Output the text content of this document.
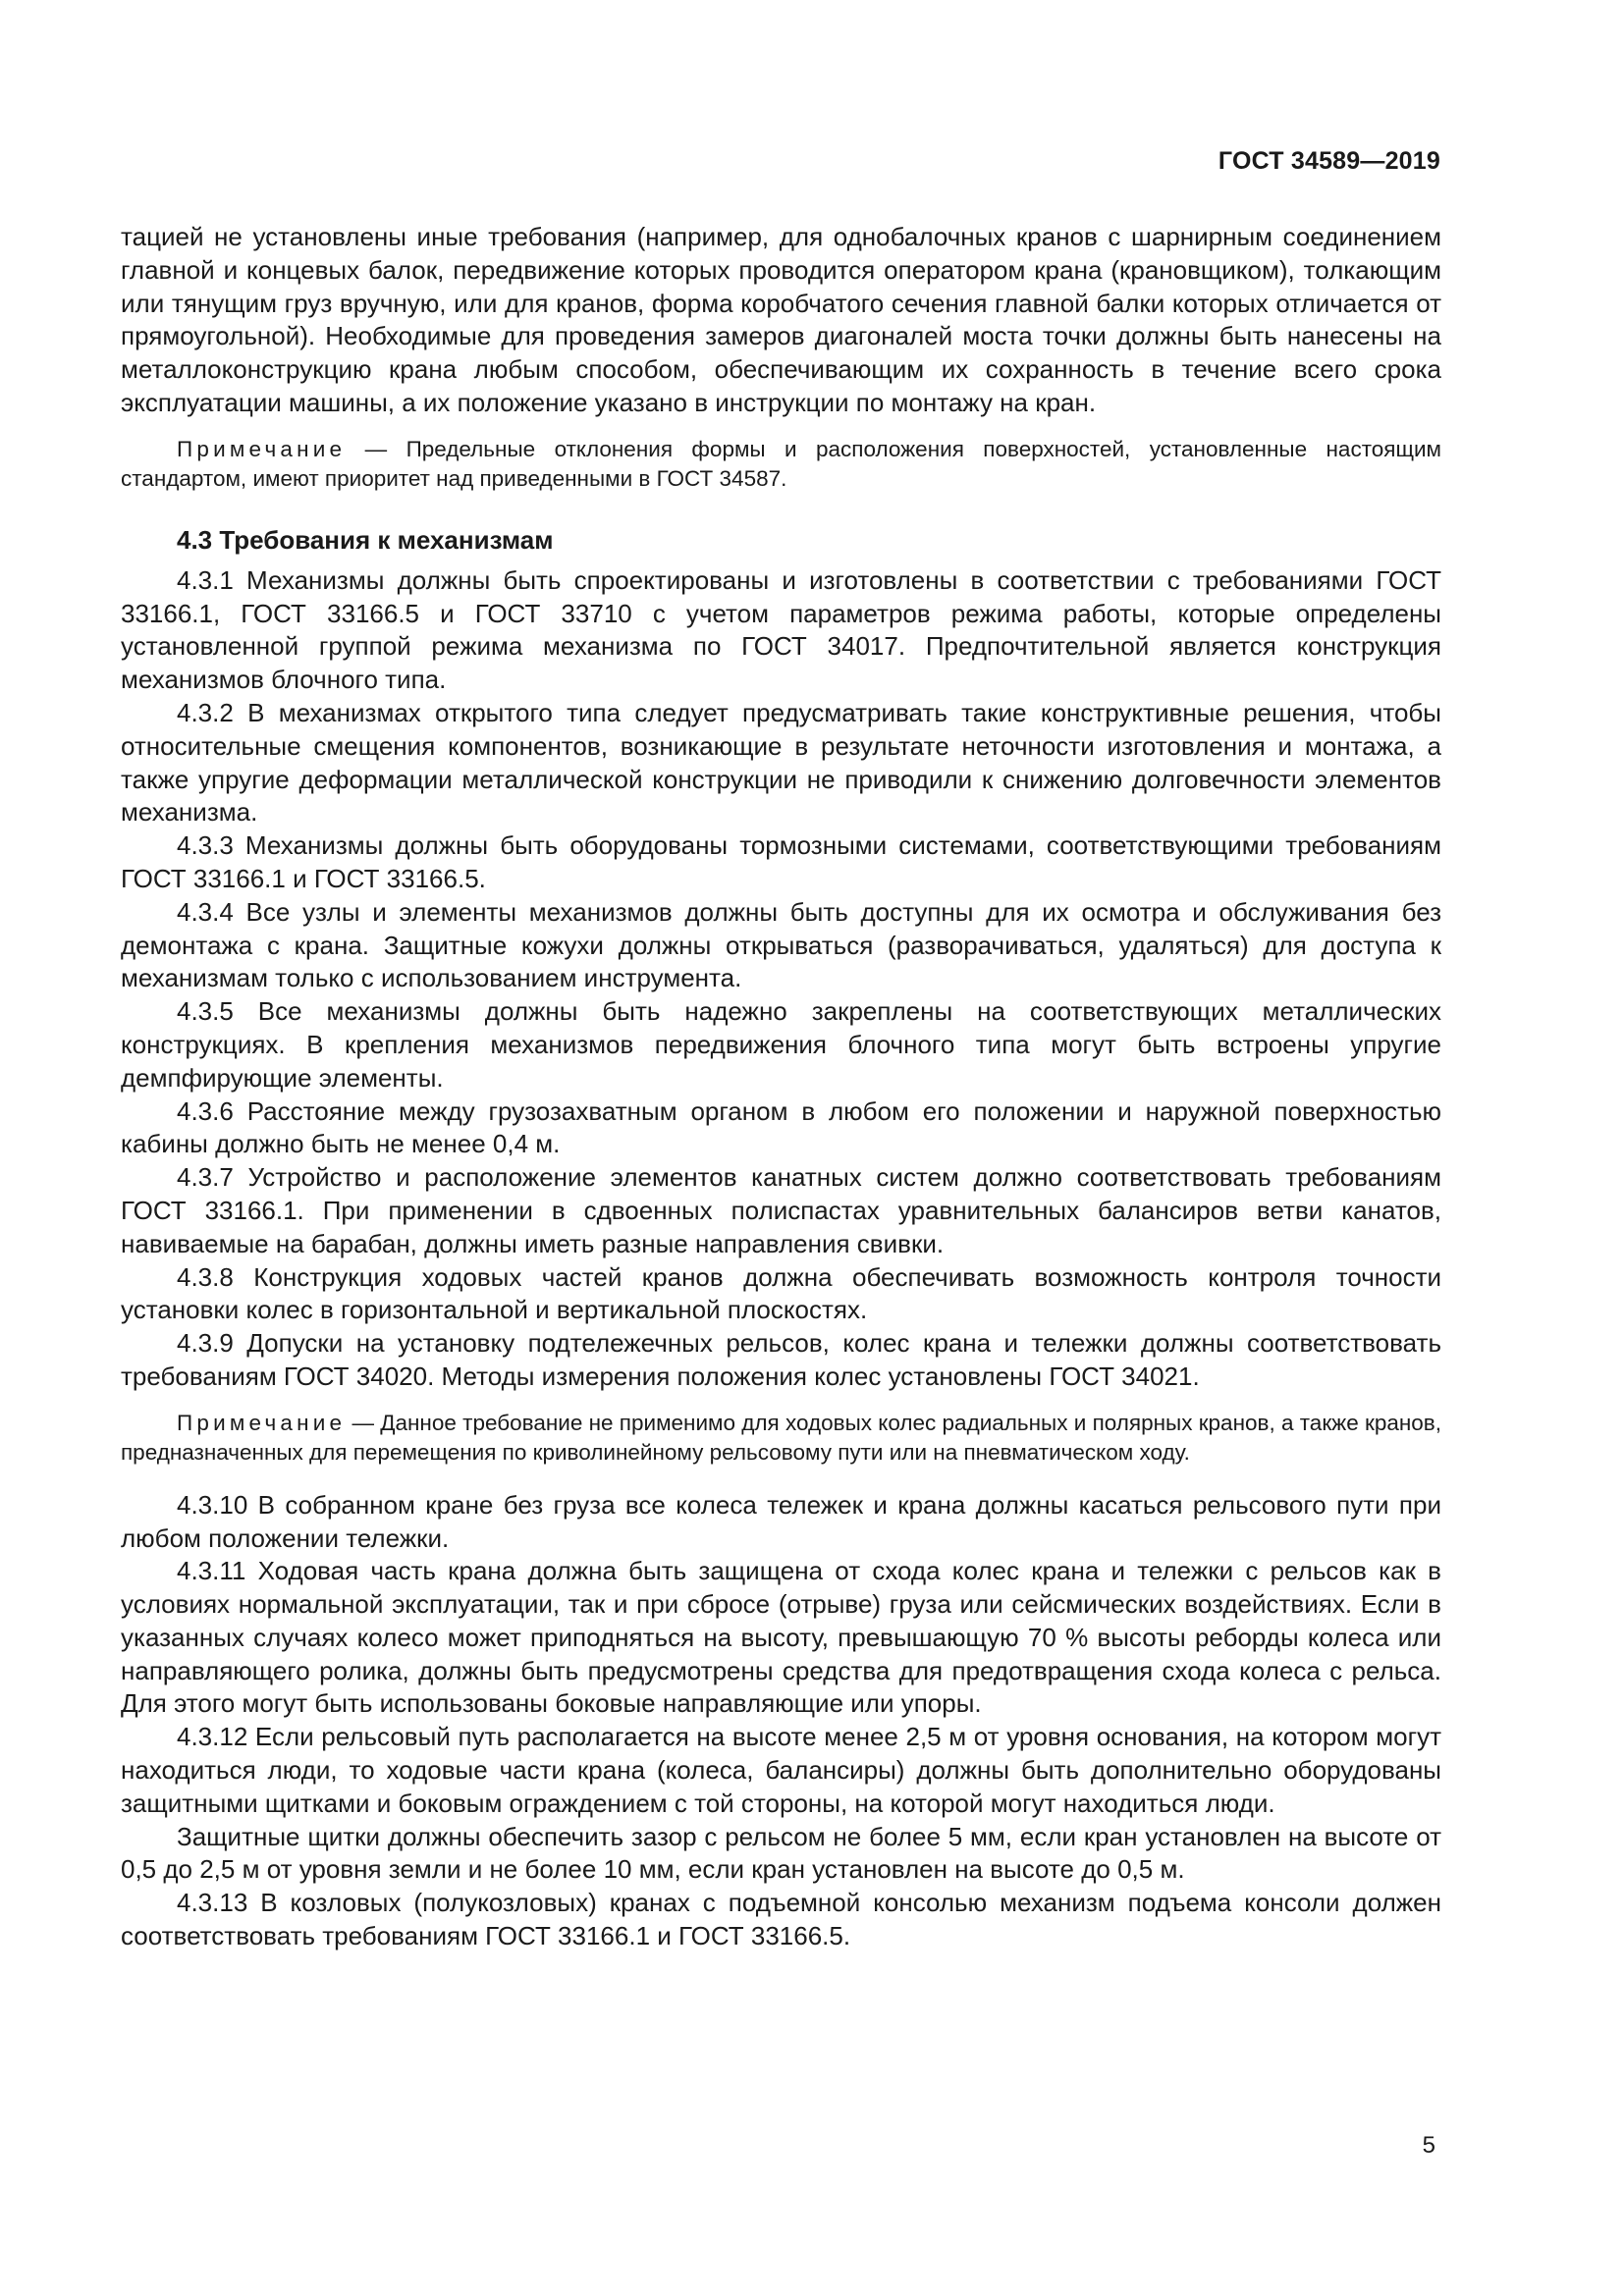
ГОСТ 34589—2019

тацией не установлены иные требования (например, для однобалочных кранов с шарнирным соединением главной и концевых балок, передвижение которых проводится оператором крана (крановщиком), толкающим или тянущим груз вручную, или для кранов, форма коробчатого сечения главной балки которых отличается от прямоугольной). Необходимые для проведения замеров диагоналей моста точки должны быть нанесены на металлоконструкцию крана любым способом, обеспечивающим их сохранность в течение всего срока эксплуатации машины, а их положение указано в инструкции по монтажу на кран.

Примечание — Предельные отклонения формы и расположения поверхностей, установленные настоящим стандартом, имеют приоритет над приведенными в ГОСТ 34587.

4.3 Требования к механизмам

4.3.1 Механизмы должны быть спроектированы и изготовлены в соответствии с требованиями ГОСТ 33166.1, ГОСТ 33166.5 и ГОСТ 33710 с учетом параметров режима работы, которые определены установленной группой режима механизма по ГОСТ 34017. Предпочтительной является конструкция механизмов блочного типа.

4.3.2 В механизмах открытого типа следует предусматривать такие конструктивные решения, чтобы относительные смещения компонентов, возникающие в результате неточности изготовления и монтажа, а также упругие деформации металлической конструкции не приводили к снижению долговечности элементов механизма.

4.3.3 Механизмы должны быть оборудованы тормозными системами, соответствующими требованиям ГОСТ 33166.1 и ГОСТ 33166.5.

4.3.4 Все узлы и элементы механизмов должны быть доступны для их осмотра и обслуживания без демонтажа с крана. Защитные кожухи должны открываться (разворачиваться, удаляться) для доступа к механизмам только с использованием инструмента.

4.3.5 Все механизмы должны быть надежно закреплены на соответствующих металлических конструкциях. В крепления механизмов передвижения блочного типа могут быть встроены упругие демпфирующие элементы.

4.3.6 Расстояние между грузозахватным органом в любом его положении и наружной поверхностью кабины должно быть не менее 0,4 м.

4.3.7 Устройство и расположение элементов канатных систем должно соответствовать требованиям ГОСТ 33166.1. При применении в сдвоенных полиспастах уравнительных балансиров ветви канатов, навиваемые на барабан, должны иметь разные направления свивки.

4.3.8 Конструкция ходовых частей кранов должна обеспечивать возможность контроля точности установки колес в горизонтальной и вертикальной плоскостях.

4.3.9 Допуски на установку подтележечных рельсов, колес крана и тележки должны соответствовать требованиям ГОСТ 34020. Методы измерения положения колес установлены ГОСТ 34021.

Примечание — Данное требование не применимо для ходовых колес радиальных и полярных кранов, а также кранов, предназначенных для перемещения по криволинейному рельсовому пути или на пневматическом ходу.

4.3.10 В собранном кране без груза все колеса тележек и крана должны касаться рельсового пути при любом положении тележки.

4.3.11 Ходовая часть крана должна быть защищена от схода колес крана и тележки с рельсов как в условиях нормальной эксплуатации, так и при сбросе (отрыве) груза или сейсмических воздействиях. Если в указанных случаях колесо может приподняться на высоту, превышающую 70 % высоты реборды колеса или направляющего ролика, должны быть предусмотрены средства для предотвращения схода колеса с рельса. Для этого могут быть использованы боковые направляющие или упоры.

4.3.12 Если рельсовый путь располагается на высоте менее 2,5 м от уровня основания, на котором могут находиться люди, то ходовые части крана (колеса, балансиры) должны быть дополнительно оборудованы защитными щитками и боковым ограждением с той стороны, на которой могут находиться люди.

Защитные щитки должны обеспечить зазор с рельсом не более 5 мм, если кран установлен на высоте от 0,5 до 2,5 м от уровня земли и не более 10 мм, если кран установлен на высоте до 0,5 м.

4.3.13 В козловых (полукозловых) кранах с подъемной консолью механизм подъема консоли должен соответствовать требованиям ГОСТ 33166.1 и ГОСТ 33166.5.

5
